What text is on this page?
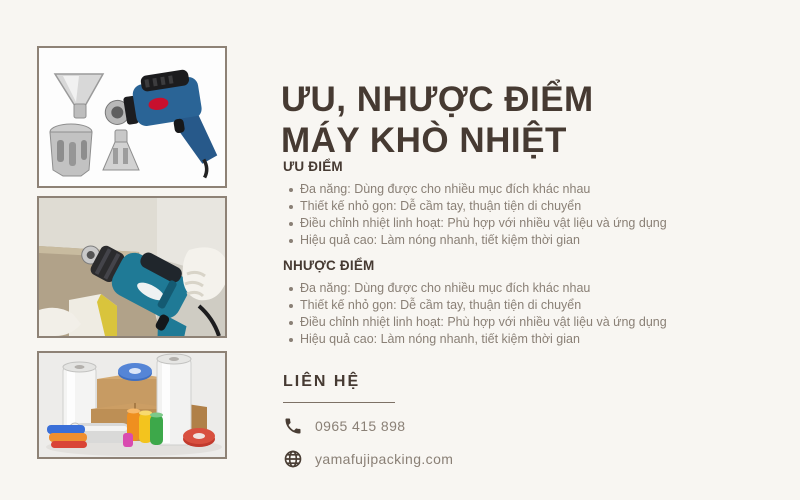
ƯU, NHƯỢC ĐIỂM
MÁY KHÒ NHIỆT
ƯU ĐIỂM
Đa năng: Dùng được cho nhiều mục đích khác nhau
Thiết kế nhỏ gọn: Dễ cầm tay, thuận tiện di chuyển
Điều chỉnh nhiệt linh hoạt: Phù hợp với nhiều vật liệu và ứng dụng
Hiệu quả cao: Làm nóng nhanh, tiết kiệm thời gian
NHƯỢC ĐIỂM
Đa năng: Dùng được cho nhiều mục đích khác nhau
Thiết kế nhỏ gọn: Dễ cầm tay, thuận tiện di chuyển
Điều chỉnh nhiệt linh hoạt: Phù hợp với nhiều vật liệu và ứng dụng
Hiệu quả cao: Làm nóng nhanh, tiết kiệm thời gian
LIÊN HỆ
0965 415 898
yamafujipacking.com
